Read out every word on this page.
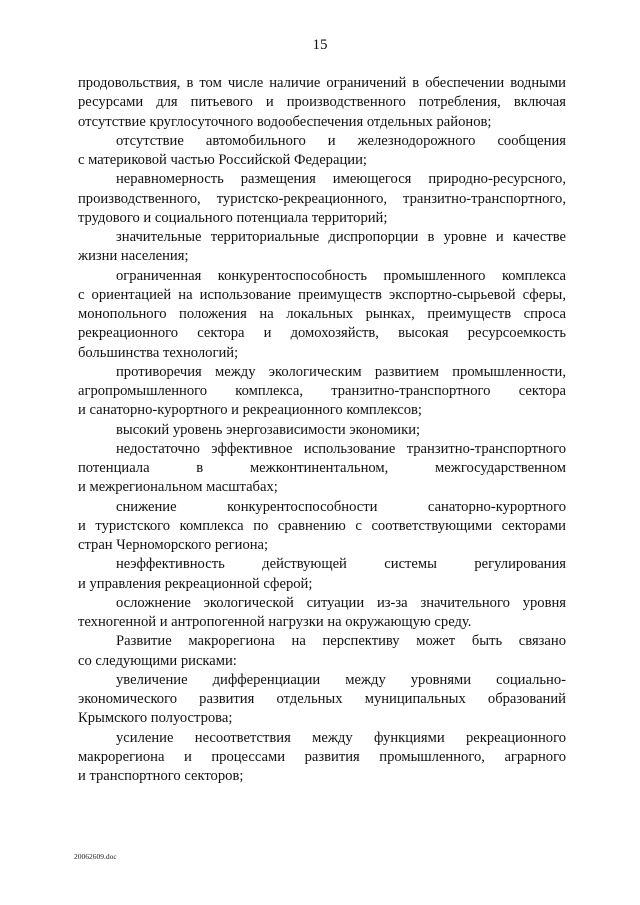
15
продовольствия, в том числе наличие ограничений в обеспечении водными
ресурсами для питьевого и производственного потребления, включая
отсутствие круглосуточного водообеспечения отдельных районов;
отсутствие автомобильного и железнодорожного сообщения
с материковой частью Российской Федерации;
неравномерность размещения имеющегося природно-ресурсного,
производственного, туристско-рекреационного, транзитно-транспортного,
трудового и социального потенциала территорий;
значительные территориальные диспропорции в уровне и качестве
жизни населения;
ограниченная конкурентоспособность промышленного комплекса
с ориентацией на использование преимуществ экспортно-сырьевой сферы,
монопольного положения на локальных рынках, преимуществ спроса
рекреационного сектора и домохозяйств, высокая ресурсоемкость
большинства технологий;
противоречия между экологическим развитием промышленности,
агропромышленного комплекса, транзитно-транспортного сектора
и санаторно-курортного и рекреационного комплексов;
высокий уровень энергозависимости экономики;
недостаточно эффективное использование транзитно-транспортного
потенциала в межконтинентальном, межгосударственном
и межрегиональном масштабах;
снижение конкурентоспособности санаторно-курортного
и туристского комплекса по сравнению с соответствующими секторами
стран Черноморского региона;
неэффективность действующей системы регулирования
и управления рекреационной сферой;
осложнение экологической ситуации из-за значительного уровня
техногенной и антропогенной нагрузки на окружающую среду.
Развитие макрорегиона на перспективу может быть связано
со следующими рисками:
увеличение дифференциации между уровнями социально-
экономического развития отдельных муниципальных образований
Крымского полуострова;
усиление несоответствия между функциями рекреационного
макрорегиона и процессами развития промышленного, аграрного
и транспортного секторов;
20062609.doc
